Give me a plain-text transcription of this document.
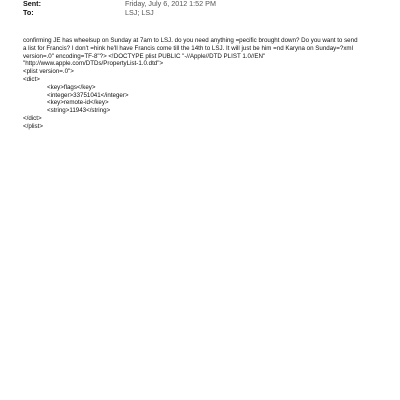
Sent:	Friday, July 6, 2012 1:52 PM
To:	LSJ; LSJ
confirming JE has wheelsup on Sunday at 7am to LSJ. do you need anything =pecific brought down? Do you want to send
a list for Francis? I don't =hink he'll have Francis come till the 14th to LSJ. It will just be him =nd Karyna on Sunday=?xml
version=.0" encoding=TF-8"?> <!DOCTYPE plist PUBLIC "-//Apple//DTD PLIST 1.0//EN"
"http://www.apple.com/DTDs/PropertyList-1.0.dtd">
<plist version=.0">
<dict>
<key>flags</key>
<integer>33751041</integer>
<key>remote-id</key>
<string>11943</string>
</dict>
</plist>
